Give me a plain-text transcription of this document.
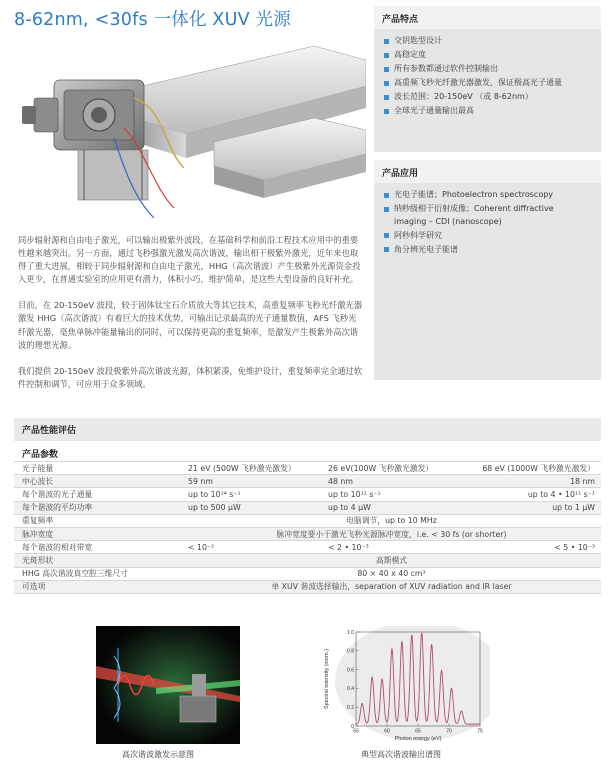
8-62nm, <30fs 一体化 XUV 光源

同步辐射源和自由电子激光，可以输出极紫外波段，在基础科学和前沿工程技术应用中的重要性越来越突出。另一方面，通过飞秒强激光激发高次谐波，输出相干极紫外激光，近年来也取得了重大进展，相较于同步辐射源和自由电子激光，HHG（高次谐波）产生极紫外光源资金投入更少，在普通实验室的应用更有潜力，体积小巧，维护简单，是这些大型设备的良好补充。

目前，在 20-150eV 波段，较于固体钛宝石介质放大等其它技术，高重复频率飞秒光纤激光器激发 HHG（高次谐波）有着巨大的技术优势，可输出记录最高的光子通量数值，AFS 飞秒光纤激光器，毫焦单脉冲能量输出的同时，可以保持更高的重复频率，是激发产生极紫外高次谐波的理想光源。

我们提供 20-150eV 波段极紫外高次谐波光源，体积紧凑，免维护设计，重复频率完全通过软件控制和调节，可应用于众多领域。

产品特点
交钥匙型设计
高稳定度
所有参数都通过软件控制输出
高重频飞秒光纤激光器激发，保证极高光子通量
波长范围：20-150eV （或 8-62nm）
全球光子通量输出最高
产品应用
光电子能谱；Photoelectron spectroscopy
纳秒级相干衍射成像；Coherent diffractive
imaging – CDI (nanoscope)
阿秒科学研究
角分辨光电子能谱
产品性能评估
产品参数
光子能量	21 eV (500W 飞秒激光激发）	26 eV(100W 飞秒激光激发）	68 eV (1000W 飞秒激光激发）
中心波长	59 nm	48 nm	18 nm
每个谐波的光子通量	up to 10¹⁴ s⁻¹	up to 10¹² s⁻¹	up to 4 • 10¹¹ s⁻¹
每个谐波的平均功率	up to 500 μW	up to 4 μW	up to 1 μW
重复频率	电脑调节，up to 10 MHz		
脉冲宽度	脉冲宽度要小于激光飞秒光源脉冲宽度，i.e. < 30 fs (or shorter)		
每个谐波的相对带宽	< 10⁻²	< 2 • 10⁻³	< 5 • 10⁻³
光斑形状	高斯模式		
HHG 高次谐波真空腔三维尺寸	80 × 40 x 40 cm³		
可选项	单 XUV 谐波选择输出，separation of XUV radiation and IR laser		
0
0.2
0.4
0.6
0.8
1.0
55	60	65	70	75
Spectral intensity (norm.)
Photon energy (eV)
高次谐波激发示意图	典型高次谐波输出谱图
